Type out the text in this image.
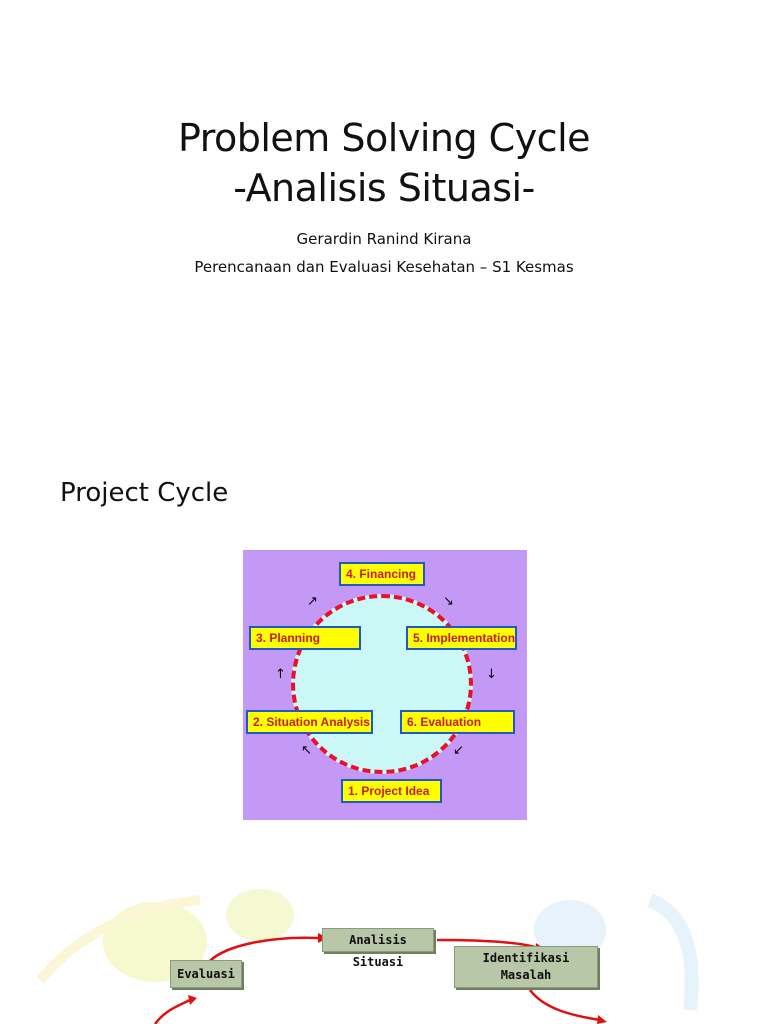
Problem Solving Cycle
-Analisis Situasi-
Gerardin Ranind Kirana
Perencanaan dan Evaluasi Kesehatan – S1 Kesmas
Project Cycle
4. Financing
3. Planning	5. Implementation
2. Situation Analysis	6. Evaluation
1. Project Idea
↗	↘
↓
↙
↖
↑
Analisis Situasi	Identifikasi
Masalah
Evaluasi
